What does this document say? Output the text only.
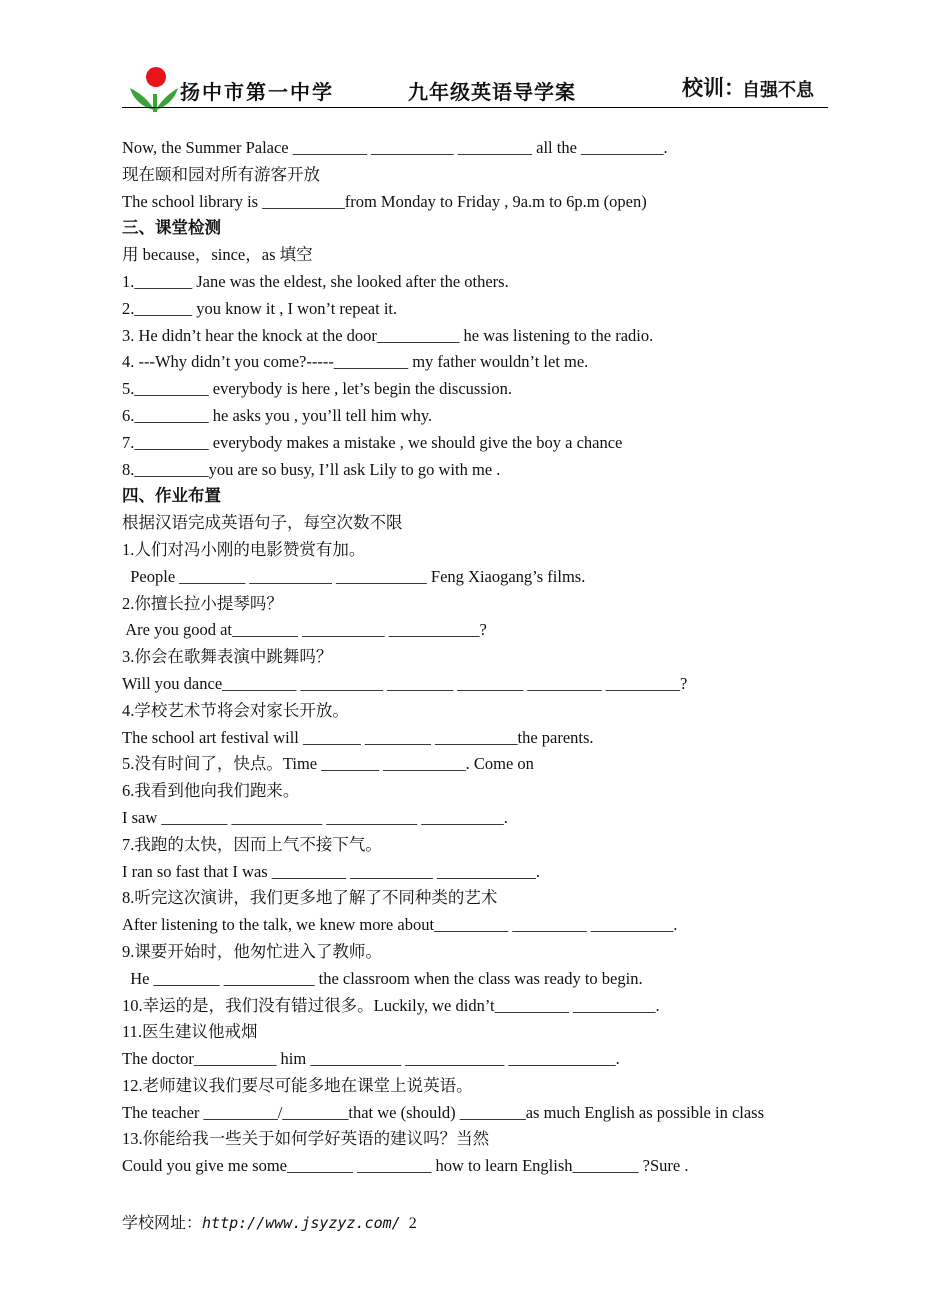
扬中市第一中学	九年级英语导学案	校训：
自强不息
Now, the Summer Palace _________ __________ _________ all the __________.
现在颐和园对所有游客开放
The school library is __________from Monday to Friday , 9a.m to 6p.m (open)
三、课堂检测
用 because，since，as 填空
1._______ Jane was the eldest, she looked after the others.
2._______ you know it , I won’t repeat it.
3. He didn’t hear the knock at the door__________ he was listening to the radio.
4. ---Why didn’t you come?-----_________ my father wouldn’t let me.
5._________ everybody is here , let’s begin the discussion.
6._________ he asks you , you’ll tell him why.
7._________ everybody makes a mistake , we should give the boy a chance
8._________you are so busy, I’ll ask Lily to go with me .
四、作业布置
根据汉语完成英语句子，每空次数不限
1.人们对冯小刚的电影赞赏有加。
People ________ __________ ___________ Feng Xiaogang’s films.
2.你擅长拉小提琴吗？
Are you good at________ __________ ___________?
3.你会在歌舞表演中跳舞吗？
Will you dance_________ __________ ________ ________ _________ _________?
4.学校艺术节将会对家长开放。
The school art festival will _______ ________ __________the parents.
5.没有时间了，快点。Time _______ __________. Come on
6.我看到他向我们跑来。
I saw ________ ___________ ___________ __________.
7.我跑的太快，因而上气不接下气。
I ran so fast that I was _________ __________ ____________.
8.听完这次演讲，我们更多地了解了不同种类的艺术
After listening to the talk, we knew more about_________ _________ __________.
9.课要开始时，他匆忙进入了教师。
He ________ ___________ the classroom when the class was ready to begin.
10.幸运的是，我们没有错过很多。Luckily, we didn’t_________ __________.
11.医生建议他戒烟
The doctor__________ him ___________ ____________ _____________.
12.老师建议我们要尽可能多地在课堂上说英语。
The teacher _________/________that we (should) ________as much English as possible in class
13.你能给我一些关于如何学好英语的建议吗？当然
Could you give me some________ _________ how to learn English________ ?Sure .
学校网址：http://www.jsyzyz.com/ 2
